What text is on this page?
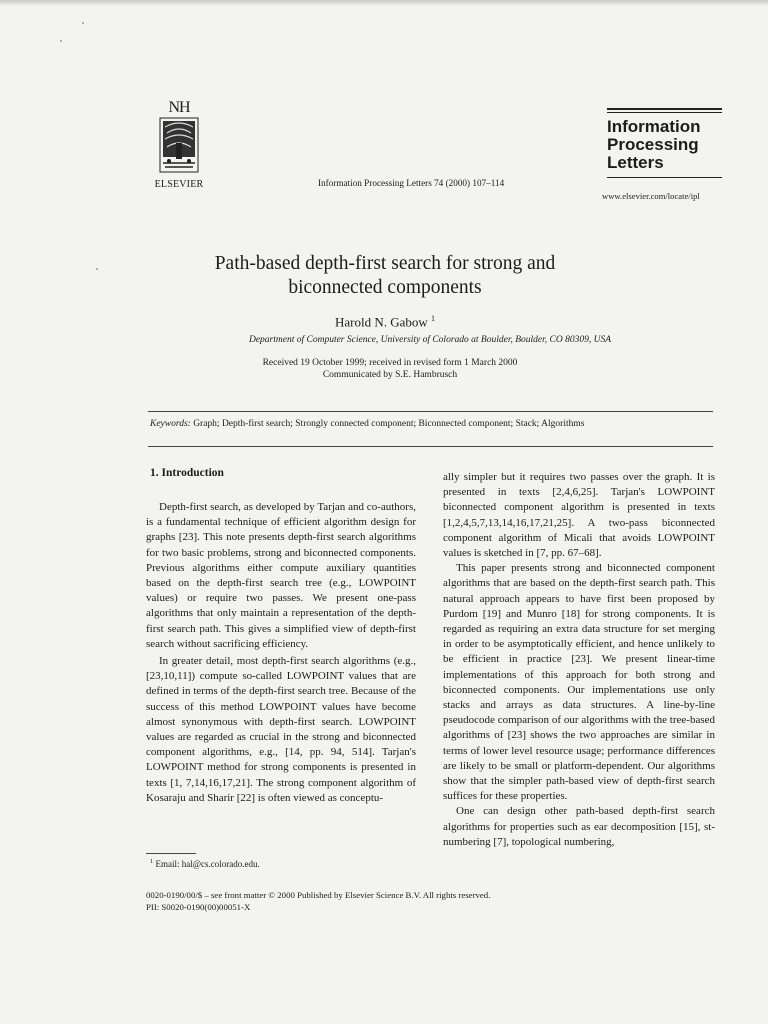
NH
ELSEVIER	Information Processing Letters 74 (2000) 107–114
Information
Processing
Letters
www.elsevier.com/locate/ipl
Path-based depth-first search for strong and
biconnected components
Harold N. Gabow $^1$
Department of Computer Science, University of Colorado at Boulder, Boulder, CO 80309, USA
Received 19 October 1999; received in revised form 1 March 2000
Communicated by S.E. Hambrusch
Keywords: Graph; Depth-first search; Strongly connected component; Biconnected component; Stack; Algorithms
1. Introduction

Depth-first search, as developed by Tarjan and co-authors, is a fundamental technique of efficient algorithm design for graphs [23]. This note presents depth-first search algorithms for two basic problems, strong and biconnected components. Previous algorithms either compute auxiliary quantities based on the depth-first search tree (e.g., LOWPOINT values) or require two passes. We present one-pass algorithms that only maintain a representation of the depth-first search path. This gives a simplified view of depth-first search without sacrificing efficiency.

In greater detail, most depth-first search algorithms (e.g., [23,10,11]) compute so-called LOWPOINT values that are defined in terms of the depth-first search tree. Because of the success of this method LOWPOINT values have become almost synonymous with depth-first search. LOWPOINT values are regarded as crucial in the strong and biconnected component algorithms, e.g., [14, pp. 94, 514]. Tarjan's LOWPOINT method for strong components is presented in texts [1, 7,14,16,17,21]. The strong component algorithm of Kosaraju and Sharir [22] is often viewed as conceptu-

ally simpler but it requires two passes over the graph. It is presented in texts [2,4,6,25]. Tarjan's LOWPOINT biconnected component algorithm is presented in texts [1,2,4,5,7,13,14,16,17,21,25]. A two-pass biconnected component algorithm of Micali that avoids LOWPOINT values is sketched in [7, pp. 67–68].

This paper presents strong and biconnected component algorithms that are based on the depth-first search path. This natural approach appears to have first been proposed by Purdom [19] and Munro [18] for strong components. It is regarded as requiring an extra data structure for set merging in order to be asymptotically efficient, and hence unlikely to be efficient in practice [23]. We present linear-time implementations of this approach for both strong and biconnected components. Our implementations use only stacks and arrays as data structures. A line-by-line pseudocode comparison of our algorithms with the tree-based algorithms of [23] shows the two approaches are similar in terms of lower level resource usage; performance differences are likely to be small or platform-dependent. Our algorithms show that the simpler path-based view of depth-first search suffices for these properties.

One can design other path-based depth-first search algorithms for properties such as ear decomposition [15], st-numbering [7], topological numbering,

$^1$ Email: hal@cs.colorado.edu.
0020-0190/00/$ – see front matter © 2000 Published by Elsevier Science B.V. All rights reserved.
PII: S0020-0190(00)00051-X
